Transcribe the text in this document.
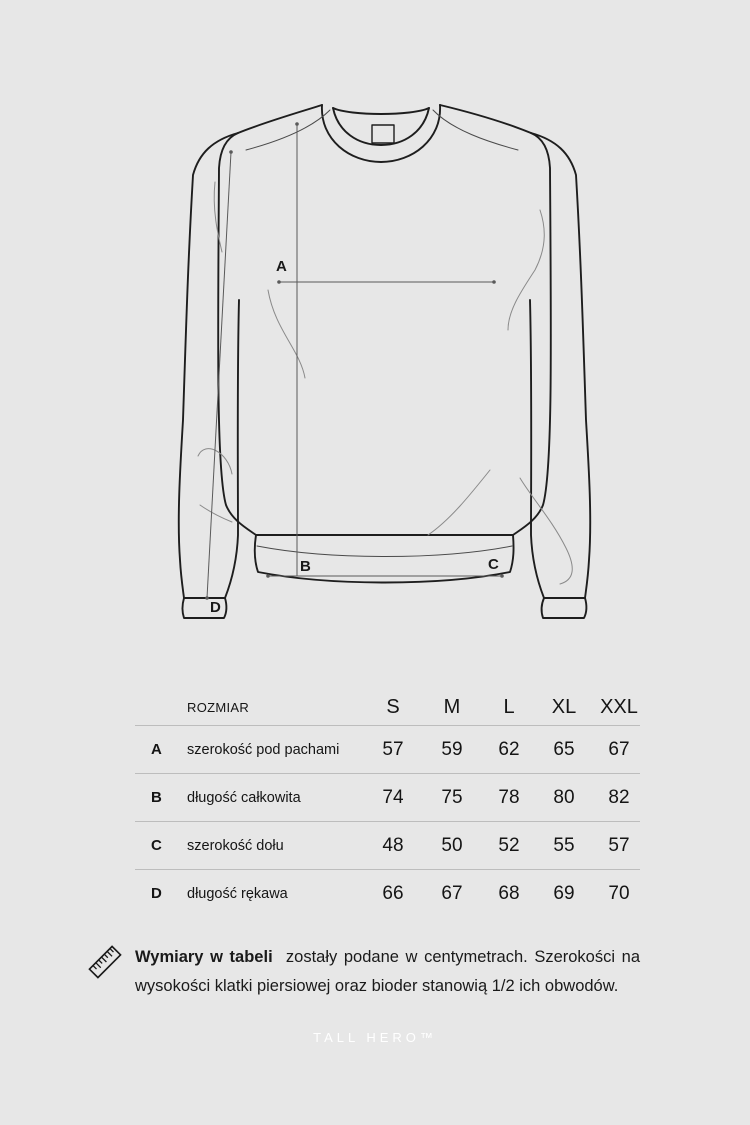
A
B	C
D
ROZMIAR	S	M	L	XL	XXL
A szerokość pod pachami	57	59	62	65	67
B długość całkowita	74	75	78	80	82
C szerokość dołu	48	50	52	55	57
D długość rękawa	66	67	68	69	70
Wymiary w tabeli zostały podane w centymetrach. Szerokości na wysokości klatki piersiowej oraz bioder stanowią 1/2 ich obwodów.
TALL HERO™
